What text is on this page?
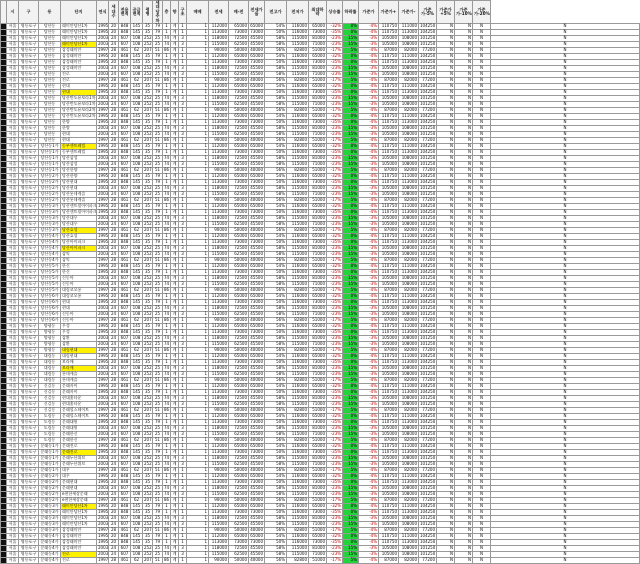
	시	구	동	단지	연식	세대수	전용면적	공급면적	평형	세대당주차	층	향	구조	매매	전세	매-전	전세가율	전고가	전저가	최대하락	상승률	하락률	가준가	가준가+	가준가-	가준가-5%	가준가+5%	가준가-10%	가준가-20%	
	서울	영등포구	당산동	래미안당산1차	1995	20	848	145	35	79	1	계	1	1	112000	65000	65000	54%	116000	65000	-32%	0%	-4%	110750	111000	104250	N	N	N	N
	서울	영등포구	당산동	래미안당산1차	1995	20	848	145	35	79	1	계	1	1	113000	73000	73000	50%	116000	73000	-35%	0%	-4%	110750	113000	104250	N	N	N	N
	서울	영등포구	당산동	래미안당산1차	2003	24	607	108	252	25	74	계	3	1	118000	72500	45500	58%	115000	81000	-23%	15%	-3%	105000	108000	101250	N	N	N	N
	서울	영등포구	당산동	래미안당산1차	2003	24	607	108	252	25	74	계	3	1	115000	62500	45500	58%	115000	71000	-23%	15%	-3%	105000	108000	101250	N	N	N	N
	서울	영등포구	당산동	삼성래미안	1997	28	461	62	207	51	86	계	1	1	90000	50000	40000	56%	82800	51000	-17%	5%	-4%	87000	82000	77200	N	N	N	N
	서울	영등포구	당산동	삼성래미안	1995	20	848	145	35	79	1	계	1	1	112000	65000	65000	54%	116000	65000	-32%	0%	-4%	110750	111000	104250	N	N	N	N
	서울	영등포구	당산동	삼성래미안	1995	20	848	145	35	79	1	계	1	1	113000	73000	73000	50%	116000	73000	-35%	0%	-4%	110750	113000	104250	N	N	N	N
	서울	영등포구	당산동	삼성래미안	2003	24	607	108	252	25	74	계	3	1	118000	72500	45500	58%	115000	81000	-23%	15%	-3%	105000	108000	101250	N	N	N	N
	서울	영등포구	당산동	진로	2003	24	607	108	252	25	74	계	3	1	115000	62500	45500	58%	115000	71000	-23%	15%	-3%	105000	108000	101250	N	N	N	N
	서울	영등포구	당산동	진로	1997	28	461	62	207	51	86	계	1	1	90000	50000	40000	56%	82800	51000	-17%	5%	-4%	87000	82000	77200	N	N	N	N
	서울	영등포구	당산동	현대	1995	20	848	145	35	79	1	계	1	1	112000	65000	65000	54%	116000	65000	-32%	0%	-4%	110750	111000	104250	N	N	N	N
	서울	영등포구	당산동	현대	1995	20	848	145	35	79	1	계	1	1	113000	73000	73000	50%	116000	73000	-35%	0%	-4%	110750	113000	104250	N	N	N	N
	서울	영등포구	당산동	당산반도유보라1차	2003	24	607	108	252	25	74	계	3	1	118000	72500	45500	58%	115000	81000	-23%	15%	-3%	105000	108000	101250	N	N	N	N
	서울	영등포구	당산동	당산반도유보라1차	2003	24	607	108	252	25	74	계	3	1	115000	62500	45500	58%	115000	71000	-23%	15%	-3%	105000	108000	101250	N	N	N	N
	서울	영등포구	당산동	당산반도유보라2차	1997	28	461	62	207	51	86	계	1	1	90000	50000	40000	56%	82800	51000	-17%	5%	-4%	87000	82000	77200	N	N	N	N
	서울	영등포구	당산동	당산반도유보라2차	1995	20	848	145	35	79	1	계	1	1	112000	65000	65000	54%	116000	65000	-32%	0%	-4%	110750	111000	104250	N	N	N	N
	서울	영등포구	당산동	한양	1995	20	848	145	35	79	1	계	1	1	113000	73000	73000	50%	116000	73000	-35%	0%	-4%	110750	113000	104250	N	N	N	N
	서울	영등포구	당산동	한양	2003	24	607	108	252	25	74	계	3	1	118000	72500	45500	58%	115000	81000	-23%	15%	-3%	105000	108000	101250	N	N	N	N
	서울	영등포구	당산동	현대	2003	24	607	108	252	25	74	계	3	1	115000	62500	45500	58%	115000	71000	-23%	15%	-3%	105000	108000	101250	N	N	N	N
	서울	영등포구	당산동	현대	1997	28	461	62	207	51	86	계	1	1	90000	50000	40000	56%	82800	51000	-17%	5%	-4%	87000	82000	77200	N	N	N	N
	서울	영등포구	당산동1가	동부센트레빌	1995	20	848	145	35	79	1	계	1	1	112000	65000	65000	54%	116000	65000	-32%	0%	-4%	110750	111000	104250	N	N	N	N
	서울	영등포구	당산동1가	동부센트레빌	1995	20	848	145	35	79	1	계	1	1	113000	73000	73000	50%	116000	73000	-35%	0%	-4%	110750	113000	104250	N	N	N	N
	서울	영등포구	당산동1가	당산삼성	2003	24	607	108	252	25	74	계	3	1	118000	72500	45500	58%	115000	81000	-23%	15%	-3%	105000	108000	101250	N	N	N	N
	서울	영등포구	당산동1가	당산삼성	2003	24	607	108	252	25	74	계	3	1	115000	62500	45500	58%	115000	71000	-23%	15%	-3%	105000	108000	101250	N	N	N	N
	서울	영등포구	당산동1가	당산한양	1997	28	461	62	207	51	86	계	1	1	90000	50000	40000	56%	82800	51000	-17%	5%	-4%	87000	82000	77200	N	N	N	N
	서울	영등포구	당산동2가	당산한양	1995	20	848	145	35	79	1	계	1	1	112000	65000	65000	54%	116000	65000	-32%	0%	-4%	110750	111000	104250	N	N	N	N
	서울	영등포구	당산동2가	당산현대	1995	20	848	145	35	79	1	계	1	1	113000	73000	73000	50%	116000	73000	-35%	0%	-4%	110750	113000	104250	N	N	N	N
	서울	영등포구	당산동2가	당산현대	2003	24	607	108	252	25	74	계	3	1	118000	72500	45500	58%	115000	81000	-23%	15%	-3%	105000	108000	101250	N	N	N	N
	서울	영등포구	당산동2가	당산롯데캐슬	2003	24	607	108	252	25	74	계	3	1	115000	62500	45500	58%	115000	71000	-23%	15%	-3%	105000	108000	101250	N	N	N	N
	서울	영등포구	당산동2가	당산롯데캐슬	1997	28	461	62	207	51	86	계	1	1	90000	50000	40000	56%	82800	51000	-17%	5%	-4%	87000	82000	77200	N	N	N	N
	서울	영등포구	당산동3가	당산센트럴아이파크	1995	20	848	145	35	79	1	계	1	1	112000	65000	65000	54%	116000	65000	-32%	0%	-4%	110750	111000	104250	N	N	N	N
	서울	영등포구	당산동3가	당산센트럴아이파크	1995	20	848	145	35	79	1	계	1	1	113000	73000	73000	50%	116000	73000	-35%	0%	-4%	110750	113000	104250	N	N	N	N
	서울	영등포구	당산동3가	당산대우	2003	24	607	108	252	25	74	계	3	1	118000	72500	45500	58%	115000	81000	-23%	15%	-3%	105000	108000	101250	N	N	N	N
	서울	영등포구	당산동3가	당산대우	2003	24	607	108	252	25	74	계	3	1	115000	62500	45500	58%	115000	71000	-23%	15%	-3%	105000	108000	101250	N	N	N	N
	서울	영등포구	당산동3가	당산효성	1997	28	461	62	207	51	86	계	1	1	90000	50000	40000	56%	82800	51000	-17%	5%	-4%	87000	82000	77200	N	N	N	N
	서울	영등포구	당산동4가	당산효성	1995	20	848	145	35	79	1	계	1	1	112000	65000	65000	54%	116000	65000	-32%	0%	-4%	110750	111000	104250	N	N	N	N
	서울	영등포구	당산동4가	당산아이파크	1995	20	848	145	35	79	1	계	1	1	113000	73000	73000	50%	116000	73000	-35%	0%	-4%	110750	113000	104250	N	N	N	N
	서울	영등포구	당산동4가	당산아이파크	2003	24	607	108	252	25	74	계	3	1	118000	72500	45500	58%	115000	81000	-23%	15%	-3%	105000	108000	101250	N	N	N	N
	서울	영등포구	당산동4가	삼익	2003	24	607	108	252	25	74	계	3	1	115000	62500	45500	58%	115000	71000	-23%	15%	-3%	105000	108000	101250	N	N	N	N
	서울	영등포구	당산동4가	삼익	1997	28	461	62	207	51	86	계	1	1	90000	50000	40000	56%	82800	51000	-17%	5%	-4%	87000	82000	77200	N	N	N	N
	서울	영등포구	당산동5가	한신	1995	20	848	145	35	79	1	계	1	1	112000	65000	65000	54%	116000	65000	-32%	0%	-4%	110750	111000	104250	N	N	N	N
	서울	영등포구	당산동5가	한신	1995	20	848	145	35	79	1	계	1	1	113000	73000	73000	50%	116000	73000	-35%	0%	-4%	110750	113000	104250	N	N	N	N
	서울	영등포구	당산동5가	신동아	2003	24	607	108	252	25	74	계	3	1	118000	72500	45500	58%	115000	81000	-23%	15%	-3%	105000	108000	101250	N	N	N	N
	서울	영등포구	당산동5가	신동아	2003	24	607	108	252	25	74	계	3	1	115000	62500	45500	58%	115000	71000	-23%	15%	-3%	105000	108000	101250	N	N	N	N
	서울	영등포구	당산동5가	대림코오롱	1997	28	461	62	207	51	86	계	1	1	90000	50000	40000	56%	82800	51000	-17%	5%	-4%	87000	82000	77200	N	N	N	N
	서울	영등포구	당산동6가	대림코오롱	1995	20	848	145	35	79	1	계	1	1	112000	65000	65000	54%	116000	65000	-32%	0%	-4%	110750	111000	104250	N	N	N	N
	서울	영등포구	당산동6가	현대	1995	20	848	145	35	79	1	계	1	1	113000	73000	73000	50%	116000	73000	-35%	0%	-4%	110750	113000	104250	N	N	N	N
	서울	영등포구	당산동6가	현대	2003	24	607	108	252	25	74	계	3	1	118000	72500	45500	58%	115000	81000	-23%	15%	-3%	105000	108000	101250	N	N	N	N
	서울	영등포구	당산동6가	신동아	2003	24	607	108	252	25	74	계	3	1	115000	62500	45500	58%	115000	71000	-23%	15%	-3%	105000	108000	101250	N	N	N	N
	서울	영등포구	당산동6가	신동아	1997	28	461	62	207	51	86	계	1	1	90000	50000	40000	56%	82800	51000	-17%	5%	-4%	87000	82000	77200	N	N	N	N
	서울	영등포구	양평동	우성	1995	20	848	145	35	79	1	계	1	1	112000	65000	65000	54%	116000	65000	-32%	0%	-4%	110750	111000	104250	N	N	N	N
	서울	영등포구	양평동	우성	1995	20	848	145	35	79	1	계	1	1	113000	73000	73000	50%	116000	73000	-35%	0%	-4%	110750	113000	104250	N	N	N	N
	서울	영등포구	양평동	삼환	2003	24	607	108	252	25	74	계	3	1	118000	72500	45500	58%	115000	81000	-23%	15%	-3%	105000	108000	101250	N	N	N	N
	서울	영등포구	양평동	삼환	2003	24	607	108	252	25	74	계	3	1	115000	62500	45500	58%	115000	71000	-23%	15%	-3%	105000	108000	101250	N	N	N	N
	서울	영등포구	양평동	대림현대	1997	28	461	62	207	51	86	계	1	1	90000	50000	40000	56%	82800	51000	-17%	5%	-4%	87000	82000	77200	N	N	N	N
	서울	영등포구	대림동	대림현대	1995	20	848	145	35	79	1	계	1	1	112000	65000	65000	54%	116000	65000	-32%	0%	-4%	110750	111000	104250	N	N	N	N
	서울	영등포구	대림동	보라매	1995	20	848	145	35	79	1	계	1	1	113000	73000	73000	50%	116000	73000	-35%	0%	-4%	110750	113000	104250	N	N	N	N
	서울	영등포구	대림동	보라매	2003	24	607	108	252	25	74	계	3	1	118000	72500	45500	58%	115000	81000	-23%	15%	-3%	105000	108000	101250	N	N	N	N
	서울	영등포구	대림동	롯데캐슬	2003	24	607	108	252	25	74	계	3	1	115000	62500	45500	58%	115000	71000	-23%	15%	-3%	105000	108000	101250	N	N	N	N
	서울	영등포구	대림동	롯데캐슬	1997	28	461	62	207	51	86	계	1	1	90000	50000	40000	56%	82800	51000	-17%	5%	-4%	87000	82000	77200	N	N	N	N
	서울	영등포구	신길동	문래자이	1995	20	848	145	35	79	1	계	1	1	112000	65000	65000	54%	116000	65000	-32%	0%	-4%	110750	111000	104250	N	N	N	N
	서울	영등포구	신길동	문래자이	1995	20	848	145	35	79	1	계	1	1	113000	73000	73000	50%	116000	73000	-35%	0%	-4%	110750	113000	104250	N	N	N	N
	서울	영등포구	신길동	현대홈타운	2003	24	607	108	252	25	74	계	3	1	118000	72500	45500	58%	115000	81000	-23%	15%	-3%	105000	108000	101250	N	N	N	N
	서울	영등포구	신길동	현대홈타운	2003	24	607	108	252	25	74	계	3	1	115000	62500	45500	58%	115000	71000	-23%	15%	-3%	105000	108000	101250	N	N	N	N
	서울	영등포구	신길동	문래힐스테이트	1997	28	461	62	207	51	86	계	1	1	90000	50000	40000	56%	82800	51000	-17%	5%	-4%	87000	82000	77200	N	N	N	N
	서울	영등포구	도림동	문래힐스테이트	1995	20	848	145	35	79	1	계	1	1	112000	65000	65000	54%	116000	65000	-32%	0%	-4%	110750	111000	104250	N	N	N	N
	서울	영등포구	도림동	문래대원	1995	20	848	145	35	79	1	계	1	1	113000	73000	73000	50%	116000	73000	-35%	0%	-4%	110750	113000	104250	N	N	N	N
	서울	영등포구	도림동	문래대원	2003	24	607	108	252	25	74	계	3	1	118000	72500	45500	58%	115000	81000	-23%	15%	-3%	105000	108000	101250	N	N	N	N
	서울	영등포구	도림동	문래한신	2003	24	607	108	252	25	74	계	3	1	115000	62500	45500	58%	115000	71000	-23%	15%	-3%	105000	108000	101250	N	N	N	N
	서울	영등포구	도림동	문래한신	1997	28	461	62	207	51	86	계	1	1	90000	50000	40000	56%	82800	51000	-17%	5%	-4%	87000	82000	77200	N	N	N	N
	서울	영등포구	문래동1가	문래진로	1995	20	848	145	35	79	1	계	1	1	112000	65000	65000	54%	116000	65000	-32%	0%	-4%	110750	111000	104250	N	N	N	N
	서울	영등포구	문래동1가	문래진로	1995	20	848	145	35	79	1	계	1	1	113000	73000	73000	50%	116000	73000	-35%	0%	-4%	110750	113000	104250	N	N	N	N
	서울	영등포구	문래동1가	문래두산위브	2003	24	607	108	252	25	74	계	3	1	118000	72500	45500	58%	115000	81000	-23%	15%	-3%	105000	108000	101250	N	N	N	N
	서울	영등포구	문래동1가	문래두산위브	2003	24	607	108	252	25	74	계	3	1	115000	62500	45500	58%	115000	71000	-23%	15%	-3%	105000	108000	101250	N	N	N	N
	서울	영등포구	문래동1가	대우	1997	28	461	62	207	51	86	계	1	1	90000	50000	40000	56%	82800	51000	-17%	5%	-4%	87000	82000	77200	N	N	N	N
	서울	영등포구	문래동2가	대우	1995	20	848	145	35	79	1	계	1	1	112000	65000	65000	54%	116000	65000	-32%	0%	-4%	110750	111000	104250	N	N	N	N
	서울	영등포구	문래동2가	문래현대	1995	20	848	145	35	79	1	계	1	1	113000	73000	73000	50%	116000	73000	-35%	0%	-4%	110750	113000	104250	N	N	N	N
	서울	영등포구	문래동2가	문래현대	2003	24	607	108	252	25	74	계	3	1	118000	72500	45500	58%	115000	81000	-23%	15%	-3%	105000	108000	101250	N	N	N	N
	서울	영등포구	문래동2가	e편한세상문래	2003	24	607	108	252	25	74	계	3	1	115000	62500	45500	58%	115000	71000	-23%	15%	-3%	105000	108000	101250	N	N	N	N
	서울	영등포구	문래동2가	e편한세상문래	1997	28	461	62	207	51	86	계	1	1	90000	50000	40000	56%	82800	51000	-17%	5%	-4%	87000	82000	77200	N	N	N	N
	서울	영등포구	문래동3가	래미안당산1차	1995	20	848	145	35	79	1	계	1	1	112000	65000	65000	54%	116000	65000	-32%	0%	-4%	110750	111000	104250	N	N	N	N
	서울	영등포구	문래동3가	래미안당산1차	1995	20	848	145	35	79	1	계	1	1	113000	73000	73000	50%	116000	73000	-35%	0%	-4%	110750	113000	104250	N	N	N	N
	서울	영등포구	문래동3가	래미안당산1차	2003	24	607	108	252	25	74	계	3	1	118000	72500	45500	58%	115000	81000	-23%	15%	-3%	105000	108000	101250	N	N	N	N
	서울	영등포구	문래동3가	래미안당산1차	2003	24	607	108	252	25	74	계	3	1	115000	62500	45500	58%	115000	71000	-23%	15%	-3%	105000	108000	101250	N	N	N	N
	서울	영등포구	문래동3가	삼성래미안	1997	28	461	62	207	51	86	계	1	1	90000	50000	40000	56%	82800	51000	-17%	5%	-4%	87000	82000	77200	N	N	N	N
	서울	영등포구	문래동4가	삼성래미안	1995	20	848	145	35	79	1	계	1	1	112000	65000	65000	54%	116000	65000	-32%	0%	-4%	110750	111000	104250	N	N	N	N
	서울	영등포구	문래동4가	삼성래미안	1995	20	848	145	35	79	1	계	1	1	113000	73000	73000	50%	116000	73000	-35%	0%	-4%	110750	113000	104250	N	N	N	N
	서울	영등포구	문래동4가	삼성래미안	2003	24	607	108	252	25	74	계	3	1	118000	72500	45500	58%	115000	81000	-23%	15%	-3%	105000	108000	101250	N	N	N	N
	서울	영등포구	문래동4가	진로	2003	24	607	108	252	25	74	계	3	1	115000	62500	45500	58%	115000	71000	-23%	15%	-3%	105000	108000	101250	N	N	N	N
	서울	영등포구	문래동4가	진로	1997	28	461	62	207	51	86	계	1	1	90000	50000	40000	56%	82800	51000	-17%	5%	-4%	87000	82000	77200	N	N	N	N
